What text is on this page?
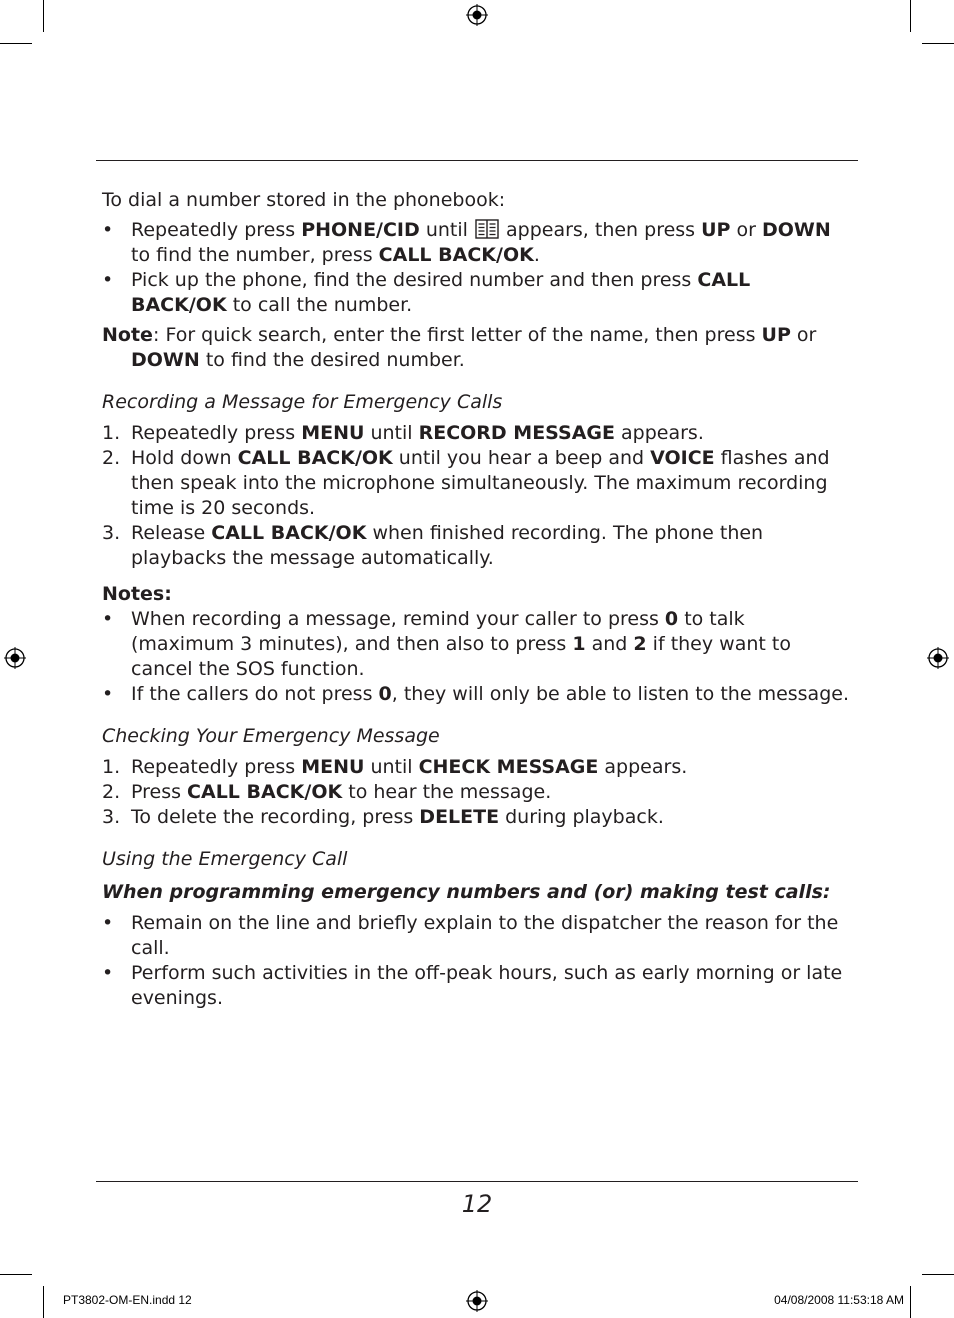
To dial a number stored in the phonebook:

• Repeatedly press PHONE/CID until  appears, then press UP or DOWN to find the number, press CALL BACK/OK.
• Pick up the phone, find the desired number and then press CALL BACK/OK to call the number.

Note : For quick search, enter the first letter of the name, then press UP or DOWN to find the desired number.

Recording a Message for Emergency Calls

1. Repeatedly press MENU until RECORD MESSAGE appears.
2. Hold down CALL BACK/OK until you hear a beep and VOICE flashes and then speak into the microphone simultaneously. The maximum recording time is 20 seconds.
3. Release CALL BACK/OK when finished recording. The phone then playbacks the message automatically.

Notes:

• When recording a message, remind your caller to press 0 to talk (maximum 3 minutes), and then also to press 1 and 2 if they want to cancel the SOS function.
• If the callers do not press 0, they will only be able to listen to the message.

Checking Your Emergency Message

1. Repeatedly press MENU until CHECK MESSAGE appears.
2. Press CALL BACK/OK to hear the message.
3. To delete the recording, press DELETE during playback.

Using the Emergency Call

When programming emergency numbers and (or) making test calls:

• Remain on the line and briefly explain to the dispatcher the reason for the call.
• Perform such activities in the off-peak hours, such as early morning or late evenings.
12
PT3802-OM-EN.indd 12	04/08/2008 11:53:18 AM
